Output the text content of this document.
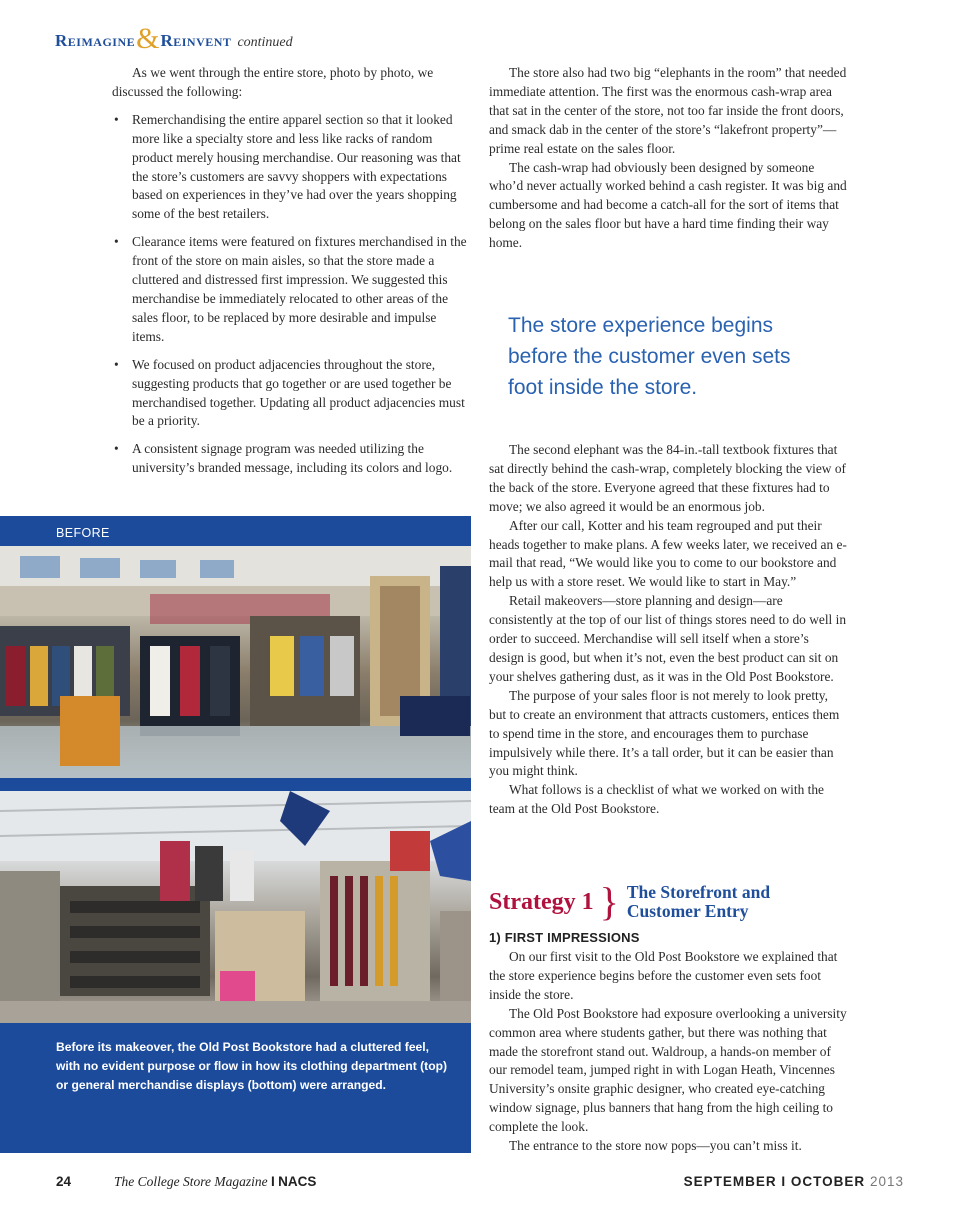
Reimagine & Reinvent continued

As we went through the entire store, photo by photo, we discussed the following:

• Remerchandising the entire apparel section so that it looked more like a specialty store and less like racks of random product merely housing merchandise. Our reasoning was that the store’s customers are savvy shoppers with expectations based on experiences in they’ve had over the years shopping some of the best retailers.
• Clearance items were featured on fixtures merchandised in the front of the store on main aisles, so that the store made a cluttered and distressed first impression. We suggested this merchandise be immediately relocated to other areas of the sales floor, to be replaced by more desirable and impulse items.
• We focused on product adjacencies throughout the store, suggesting products that go together or are used together be merchandised together. Updating all product adjacencies must be a priority.
• A consistent signage program was needed utilizing the university’s branded message, including its colors and logo.
BEFORE
Before its makeover, the Old Post Bookstore had a cluttered feel, with no evident purpose or flow in how its clothing department (top) or general merchandise displays (bottom) were arranged.

The store also had two big “elephants in the room” that needed immediate attention. The first was the enormous cash-wrap area that sat in the center of the store, not too far inside the front doors, and smack dab in the center of the store’s “lakefront property”—prime real estate on the sales floor.

The cash-wrap had obviously been designed by someone who’d never actually worked behind a cash register. It was big and cumbersome and had become a catch-all for the sort of items that belong on the sales floor but have a hard time finding their way home.

The store experience begins before the customer even sets foot inside the store.

The second elephant was the 84-in.-tall textbook fixtures that sat directly behind the cash-wrap, completely blocking the view of the back of the store. Everyone agreed that these fixtures had to move; we also agreed it would be an enormous job.

After our call, Kotter and his team regrouped and put their heads together to make plans. A few weeks later, we received an e-mail that read, “We would like you to come to our bookstore and help us with a store reset. We would like to start in May.”

Retail makeovers—store planning and design—are consistently at the top of our list of things stores need to do well in order to succeed. Merchandise will sell itself when a store’s design is good, but when it’s not, even the best product can sit on your shelves gathering dust, as it was in the Old Post Bookstore.

The purpose of your sales floor is not merely to look pretty, but to create an environment that attracts customers, entices them to spend time in the store, and encourages them to purchase impulsively while there. It’s a tall order, but it can be easier than you might think.

What follows is a checklist of what we worked on with the team at the Old Post Bookstore.

Strategy 1 } The Storefront and
Customer Entry
1) FIRST IMPRESSIONS

On our first visit to the Old Post Bookstore we explained that the store experience begins before the customer even sets foot inside the store.

The Old Post Bookstore had exposure overlooking a university common area where students gather, but there was nothing that made the storefront stand out. Waldroup, a hands-on member of our remodel team, jumped right in with Logan Heath, Vincennes University’s onsite graphic designer, who created eye-catching window signage, plus banners that hang from the high ceiling to complete the look.

The entrance to the store now pops—you can’t miss it.

24	The College Store Magazine I NACS	SEPTEMBER I OCTOBER 2013
